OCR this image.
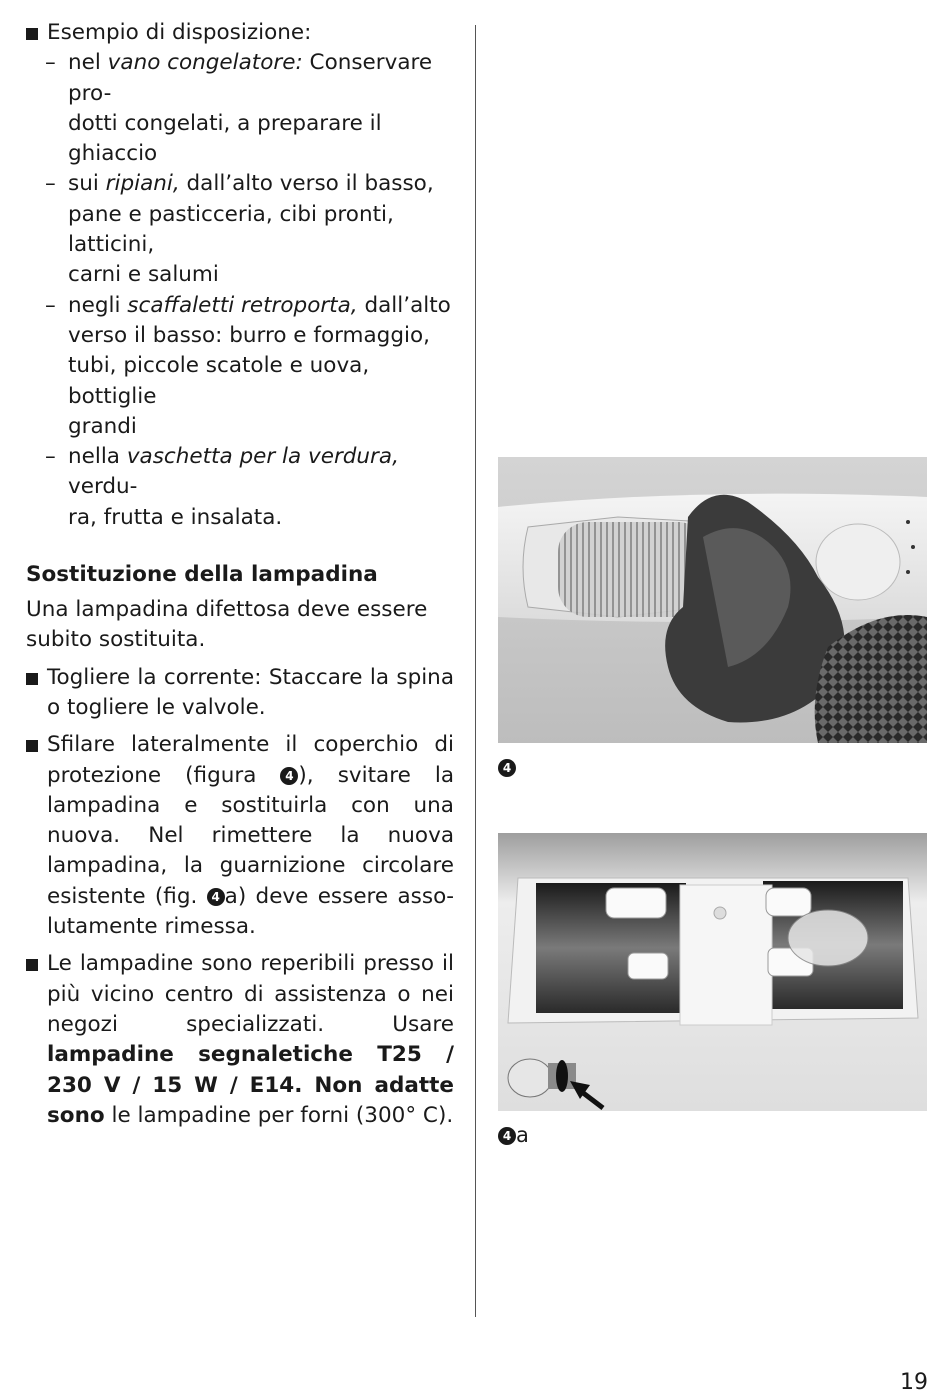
Esempio di disposizione:

– nel vano congelatore: Conservare pro-
dotti congelati, a preparare il ghiaccio

– sui ripiani, dall’alto verso il basso,
pane e pasticceria, cibi pronti, latticini,
carni e salumi

– negli scaffaletti retroporta, dall’alto
verso il basso: burro e formaggio,
tubi, piccole scatole e uova, bottiglie
grandi

– nella vaschetta per la verdura, verdu-
ra, frutta e insalata.

Sostituzione della lampadina

Una lampadina difettosa deve essere subito sostituita.

Togliere la corrente: Staccare la spina o togliere le valvole.

Sfilare lateralmente il coperchio di protezione (figura 4 ), svitare la lampadina e sostituirla con una nuova. Nel rimettere la nuova lampadina, la guarnizione circolare esistente (fig. 4 a) deve essere assolutamente rimessa.

Le lampadine sono reperibili presso il più vicino centro di assistenza o nei negozi specializzati.	Usare lampadine segnaletiche T25 / 230 V / 15 W / E14. Non adatte sono le lampadine per forni (300° C).

4
4 a
19
